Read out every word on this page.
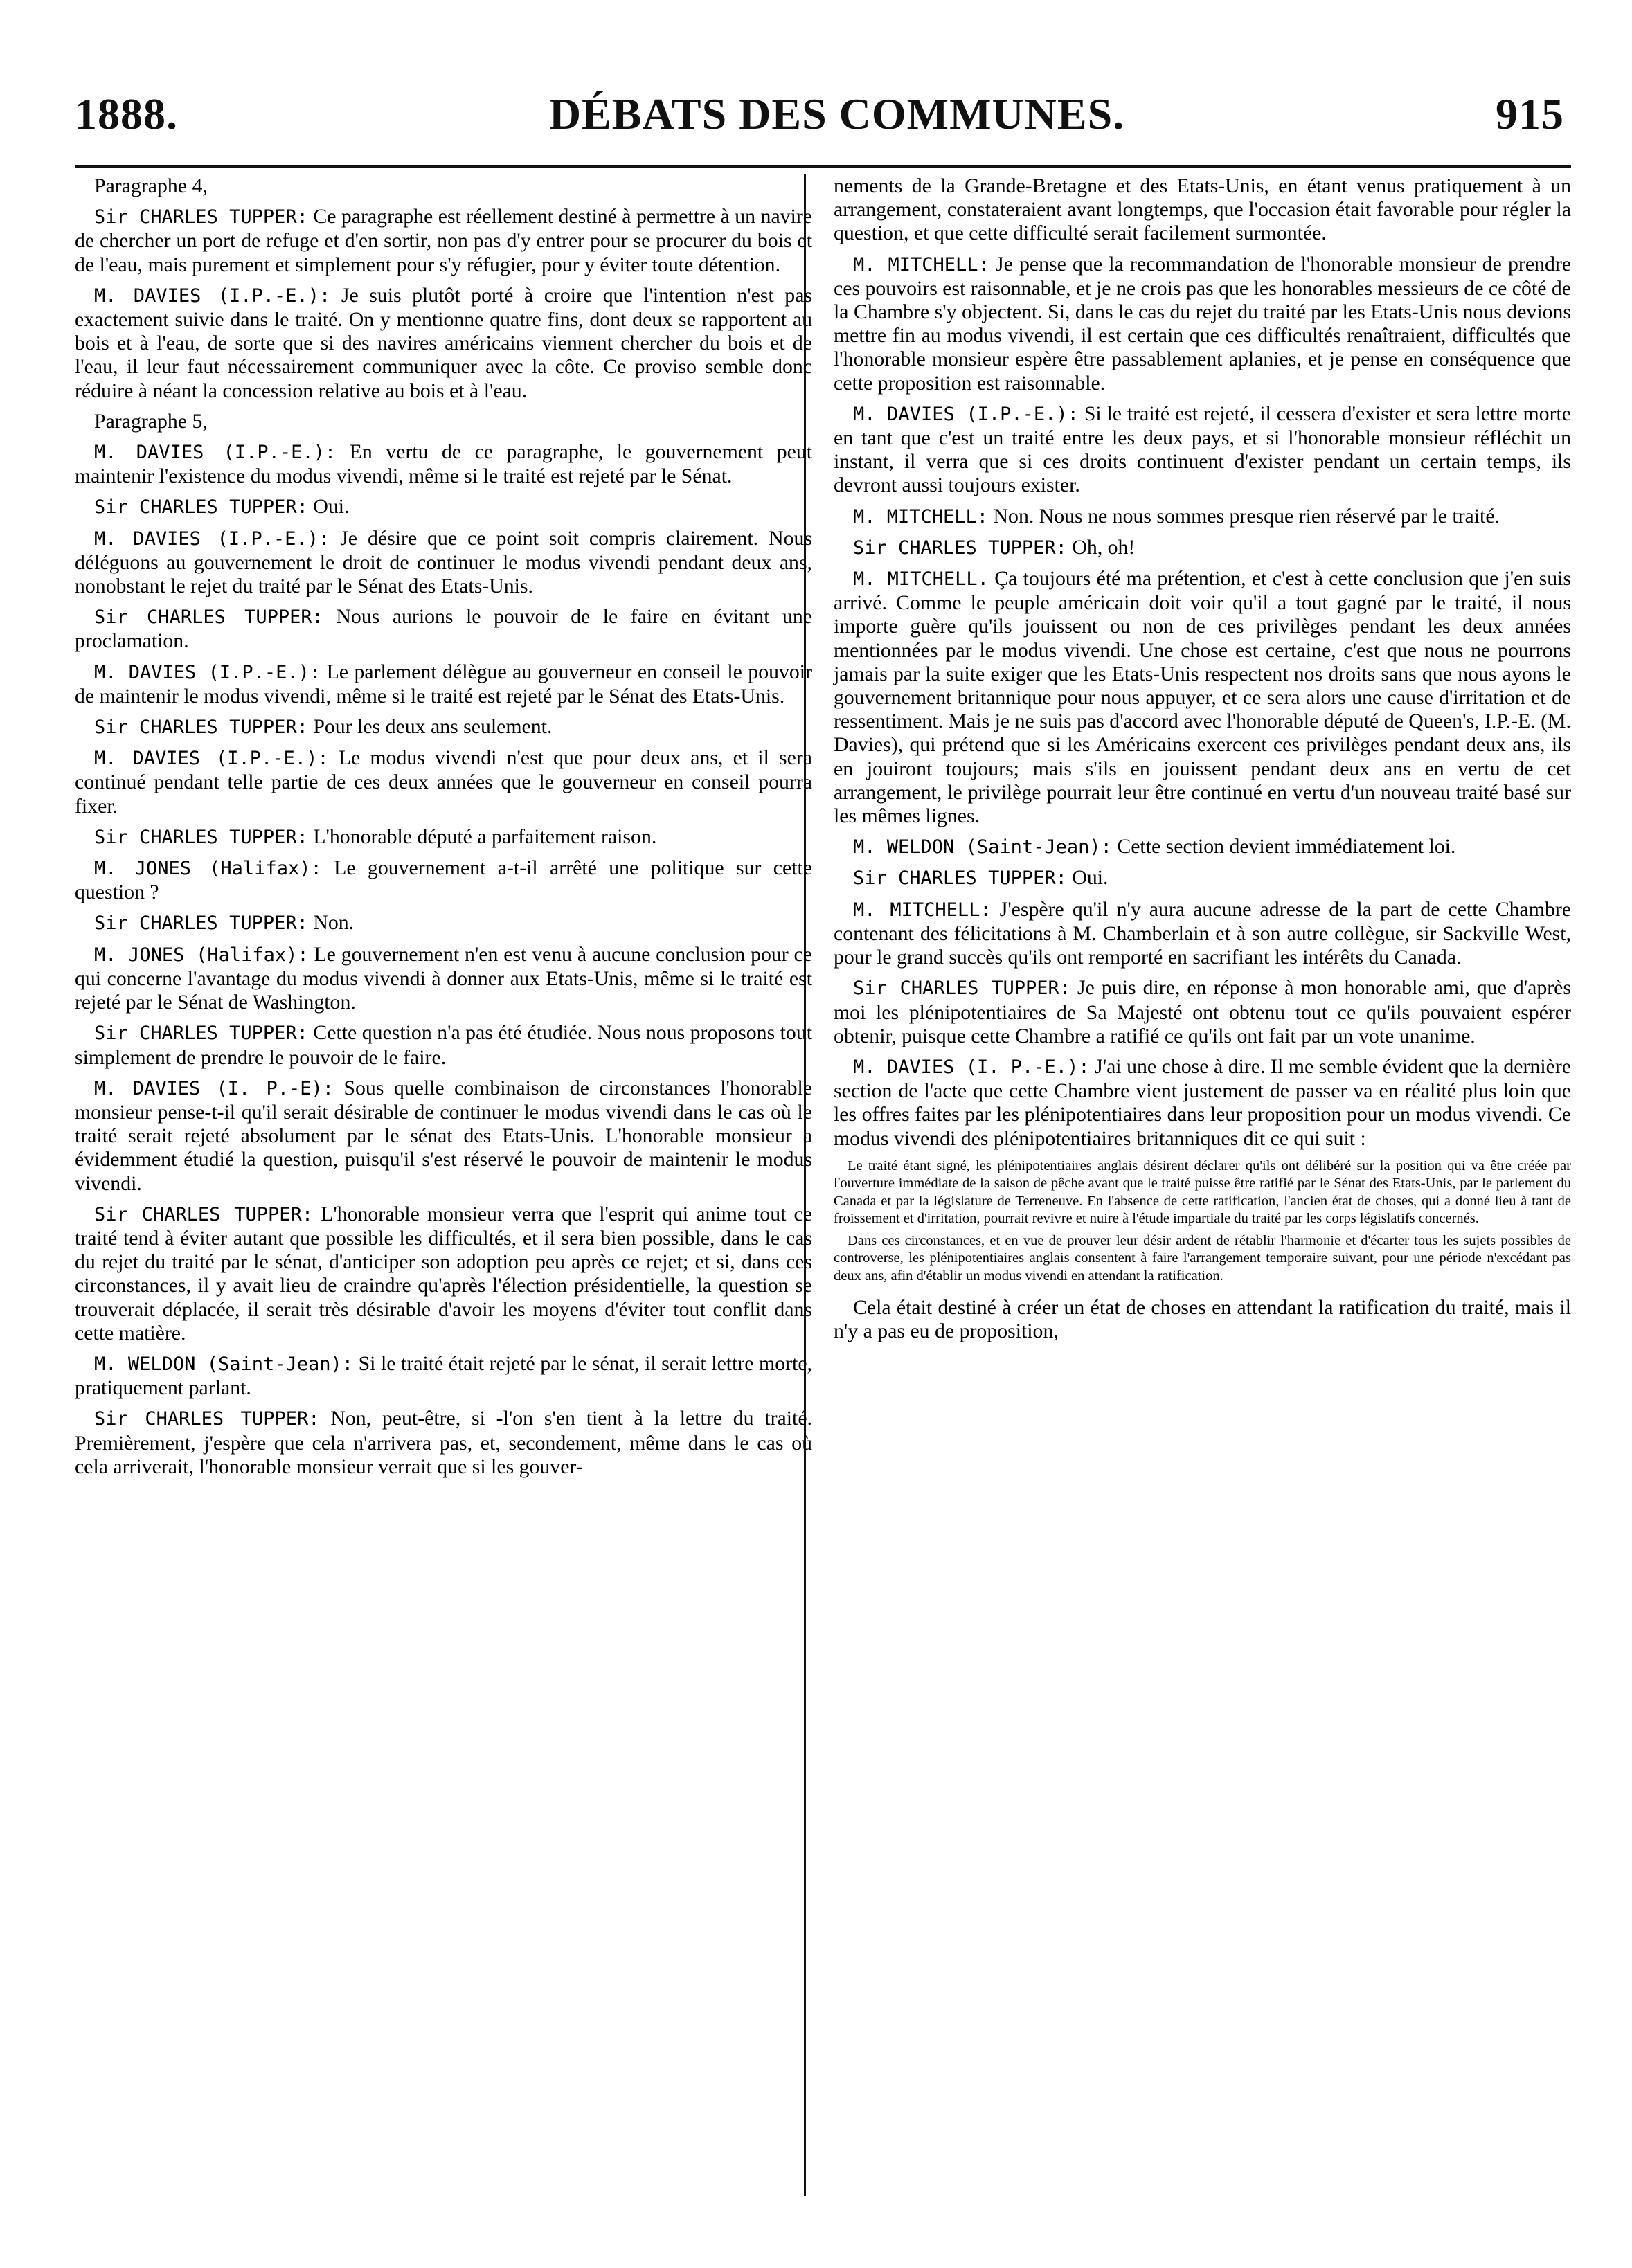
1888.	DÉBATS DES COMMUNES.	915

Paragraphe 4,

Sir CHARLES TUPPER: Ce paragraphe est réellement destiné à permettre à un navire de chercher un port de refuge et d'en sortir, non pas d'y entrer pour se procurer du bois et de l'eau, mais purement et simplement pour s'y réfugier, pour y éviter toute détention.

M. DAVIES (I.P.-E.): Je suis plutôt porté à croire que l'intention n'est pas exactement suivie dans le traité. On y mentionne quatre fins, dont deux se rapportent au bois et à l'eau, de sorte que si des navires américains viennent chercher du bois et de l'eau, il leur faut nécessairement communiquer avec la côte. Ce proviso semble donc réduire à néant la concession relative au bois et à l'eau.

Paragraphe 5,

M. DAVIES (I.P.-E.): En vertu de ce paragraphe, le gouvernement peut maintenir l'existence du modus vivendi, même si le traité est rejeté par le Sénat.

Sir CHARLES TUPPER: Oui.

M. DAVIES (I.P.-E.): Je désire que ce point soit compris clairement. Nous déléguons au gouvernement le droit de continuer le modus vivendi pendant deux ans, nonobstant le rejet du traité par le Sénat des Etats-Unis.

Sir CHARLES TUPPER: Nous aurions le pouvoir de le faire en évitant une proclamation.

M. DAVIES (I.P.-E.): Le parlement délègue au gouverneur en conseil le pouvoir de maintenir le modus vivendi, même si le traité est rejeté par le Sénat des Etats-Unis.

Sir CHARLES TUPPER: Pour les deux ans seulement.

M. DAVIES (I.P.-E.): Le modus vivendi n'est que pour deux ans, et il sera continué pendant telle partie de ces deux années que le gouverneur en conseil pourra fixer.

Sir CHARLES TUPPER: L'honorable député a parfaitement raison.

M. JONES (Halifax): Le gouvernement a-t-il arrêté une politique sur cette question ?

Sir CHARLES TUPPER: Non.

M. JONES (Halifax): Le gouvernement n'en est venu à aucune conclusion pour ce qui concerne l'avantage du modus vivendi à donner aux Etats-Unis, même si le traité est rejeté par le Sénat de Washington.

Sir CHARLES TUPPER: Cette question n'a pas été étudiée. Nous nous proposons tout simplement de prendre le pouvoir de le faire.

M. DAVIES (I. P.-E): Sous quelle combinaison de circonstances l'honorable monsieur pense-t-il qu'il serait désirable de continuer le modus vivendi dans le cas où le traité serait rejeté absolument par le sénat des Etats-Unis. L'honorable monsieur a évidemment étudié la question, puisqu'il s'est réservé le pouvoir de maintenir le modus vivendi.

Sir CHARLES TUPPER: L'honorable monsieur verra que l'esprit qui anime tout ce traité tend à éviter autant que possible les difficultés, et il sera bien possible, dans le cas du rejet du traité par le sénat, d'anticiper son adoption peu après ce rejet; et si, dans ces circonstances, il y avait lieu de craindre qu'après l'élection présidentielle, la question se trouverait déplacée, il serait très désirable d'avoir les moyens d'éviter tout conflit dans cette matière.

M. WELDON (Saint-Jean): Si le traité était rejeté par le sénat, il serait lettre morte, pratiquement parlant.

Sir CHARLES TUPPER: Non, peut-être, si -l'on s'en tient à la lettre du traité. Premièrement, j'espère que cela n'arrivera pas, et, secondement, même dans le cas où cela arriverait, l'honorable monsieur verrait que si les gouver-

nements de la Grande-Bretagne et des Etats-Unis, en étant venus pratiquement à un arrangement, constateraient avant longtemps, que l'occasion était favorable pour régler la question, et que cette difficulté serait facilement surmontée.

M. MITCHELL: Je pense que la recommandation de l'honorable monsieur de prendre ces pouvoirs est raisonnable, et je ne crois pas que les honorables messieurs de ce côté de la Chambre s'y objectent. Si, dans le cas du rejet du traité par les Etats-Unis nous devions mettre fin au modus vivendi, il est certain que ces difficultés renaîtraient, difficultés que l'honorable monsieur espère être passablement aplanies, et je pense en conséquence que cette proposition est raisonnable.

M. DAVIES (I.P.-E.): Si le traité est rejeté, il cessera d'exister et sera lettre morte en tant que c'est un traité entre les deux pays, et si l'honorable monsieur réfléchit un instant, il verra que si ces droits continuent d'exister pendant un certain temps, ils devront aussi toujours exister.

M. MITCHELL: Non. Nous ne nous sommes presque rien réservé par le traité.

Sir CHARLES TUPPER: Oh, oh!

M. MITCHELL. Ça toujours été ma prétention, et c'est à cette conclusion que j'en suis arrivé. Comme le peuple américain doit voir qu'il a tout gagné par le traité, il nous importe guère qu'ils jouissent ou non de ces privilèges pendant les deux années mentionnées par le modus vivendi. Une chose est certaine, c'est que nous ne pourrons jamais par la suite exiger que les Etats-Unis respectent nos droits sans que nous ayons le gouvernement britannique pour nous appuyer, et ce sera alors une cause d'irritation et de ressentiment. Mais je ne suis pas d'accord avec l'honorable député de Queen's, I.P.-E. (M. Davies), qui prétend que si les Américains exercent ces privilèges pendant deux ans, ils en jouiront toujours; mais s'ils en jouissent pendant deux ans en vertu de cet arrangement, le privilège pourrait leur être continué en vertu d'un nouveau traité basé sur les mêmes lignes.

M. WELDON (Saint-Jean): Cette section devient immédiatement loi.

Sir CHARLES TUPPER: Oui.

M. MITCHELL: J'espère qu'il n'y aura aucune adresse de la part de cette Chambre contenant des félicitations à M. Chamberlain et à son autre collègue, sir Sackville West, pour le grand succès qu'ils ont remporté en sacrifiant les intérêts du Canada.

Sir CHARLES TUPPER: Je puis dire, en réponse à mon honorable ami, que d'après moi les plénipotentiaires de Sa Majesté ont obtenu tout ce qu'ils pouvaient espérer obtenir, puisque cette Chambre a ratifié ce qu'ils ont fait par un vote unanime.

M. DAVIES (I. P.-E.): J'ai une chose à dire. Il me semble évident que la dernière section de l'acte que cette Chambre vient justement de passer va en réalité plus loin que les offres faites par les plénipotentiaires dans leur proposition pour un modus vivendi. Ce modus vivendi des plénipotentiaires britanniques dit ce qui suit :

Le traité étant signé, les plénipotentiaires anglais désirent déclarer qu'ils ont délibéré sur la position qui va être créée par l'ouverture immédiate de la saison de pêche avant que le traité puisse être ratifié par le Sénat des Etats-Unis, par le parlement du Canada et par la législature de Terreneuve. En l'absence de cette ratification, l'ancien état de choses, qui a donné lieu à tant de froissement et d'irritation, pourrait revivre et nuire à l'étude impartiale du traité par les corps législatifs concernés.

Dans ces circonstances, et en vue de prouver leur désir ardent de rétablir l'harmonie et d'écarter tous les sujets possibles de controverse, les plénipotentiaires anglais consentent à faire l'arrangement temporaire suivant, pour une période n'excédant pas deux ans, afin d'établir un modus vivendi en attendant la ratification.

Cela était destiné à créer un état de choses en attendant la ratification du traité, mais il n'y a pas eu de proposition,
